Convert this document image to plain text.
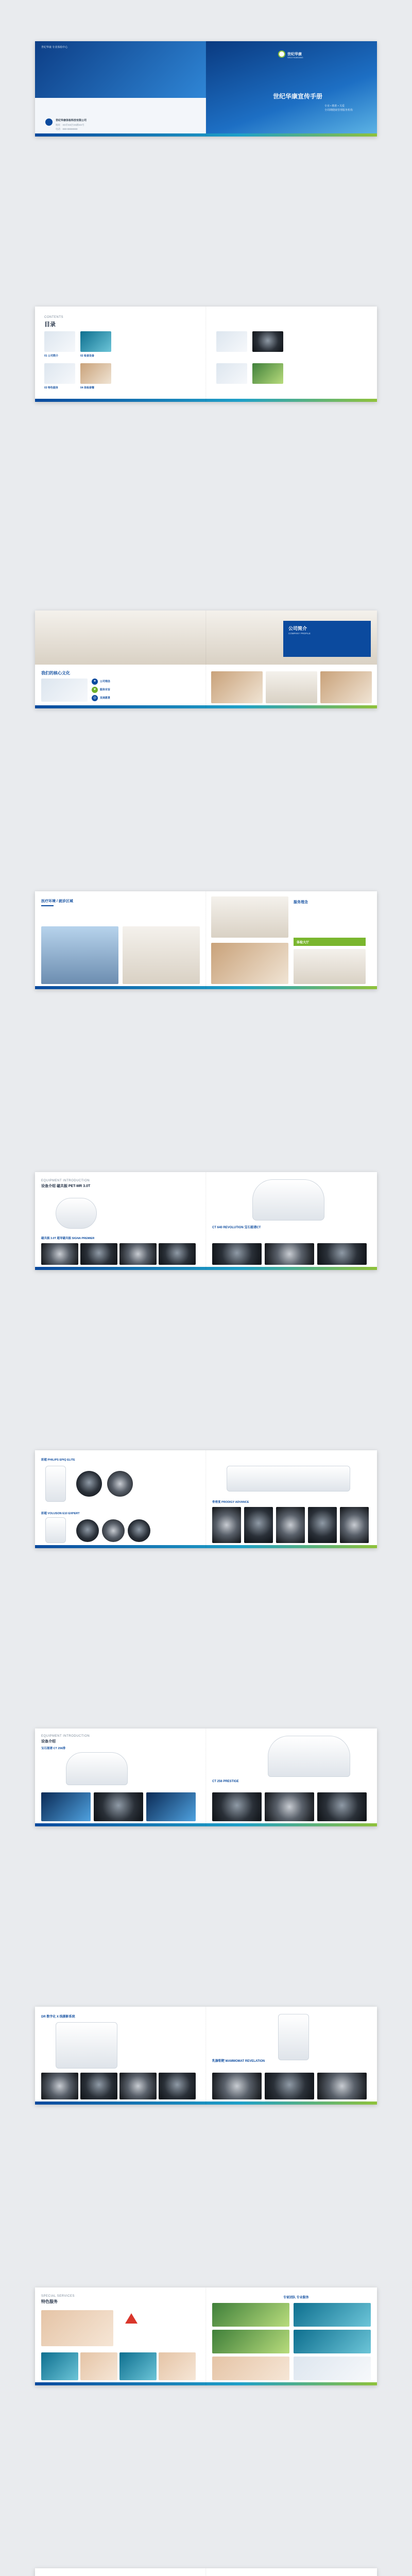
世纪华康 专业体检中心
世纪华康体检科技有限公司
地址：XX市XX区XX路XX号
电话：000-00000000
世纪华康
SHIJI HUAKANG
世纪华康宣传手册
专业 • 精准 • 关爱
全周期健康管理服务机构
CONTENTS
目录
01 公司简介	02 检查设备
03 特色服务	04 体检套餐
我们的核心文化
✦	公司理念
♥	服务宗旨
◎	发展愿景
公司简介
COMPANY PROFILE
医疗环境 / 就诊区域	服务理念
体检大厅
EQUIPMENT INTRODUCTION
设备介绍 磁共振 PET-MR 3.0T
磁共振 3.0T 超导磁共振 SIGNA PREMIER
CT 640 REVOLUTION 宝石能谱CT
彩超 PHILIPS EPIQ ELITE
彩超 VOLUSON E10 EXPERT
骨密度 PRODIGY ADVANCE
EQUIPMENT INTRODUCTION
设备介绍
宝石能谱 CT 256排
CT 256 PRESTIGE
DR 数字化 X 线摄影系统
乳腺钼靶 MAMMOMAT REVELATION
SPECIAL SERVICES
特色服务
专家团队 专业服务
